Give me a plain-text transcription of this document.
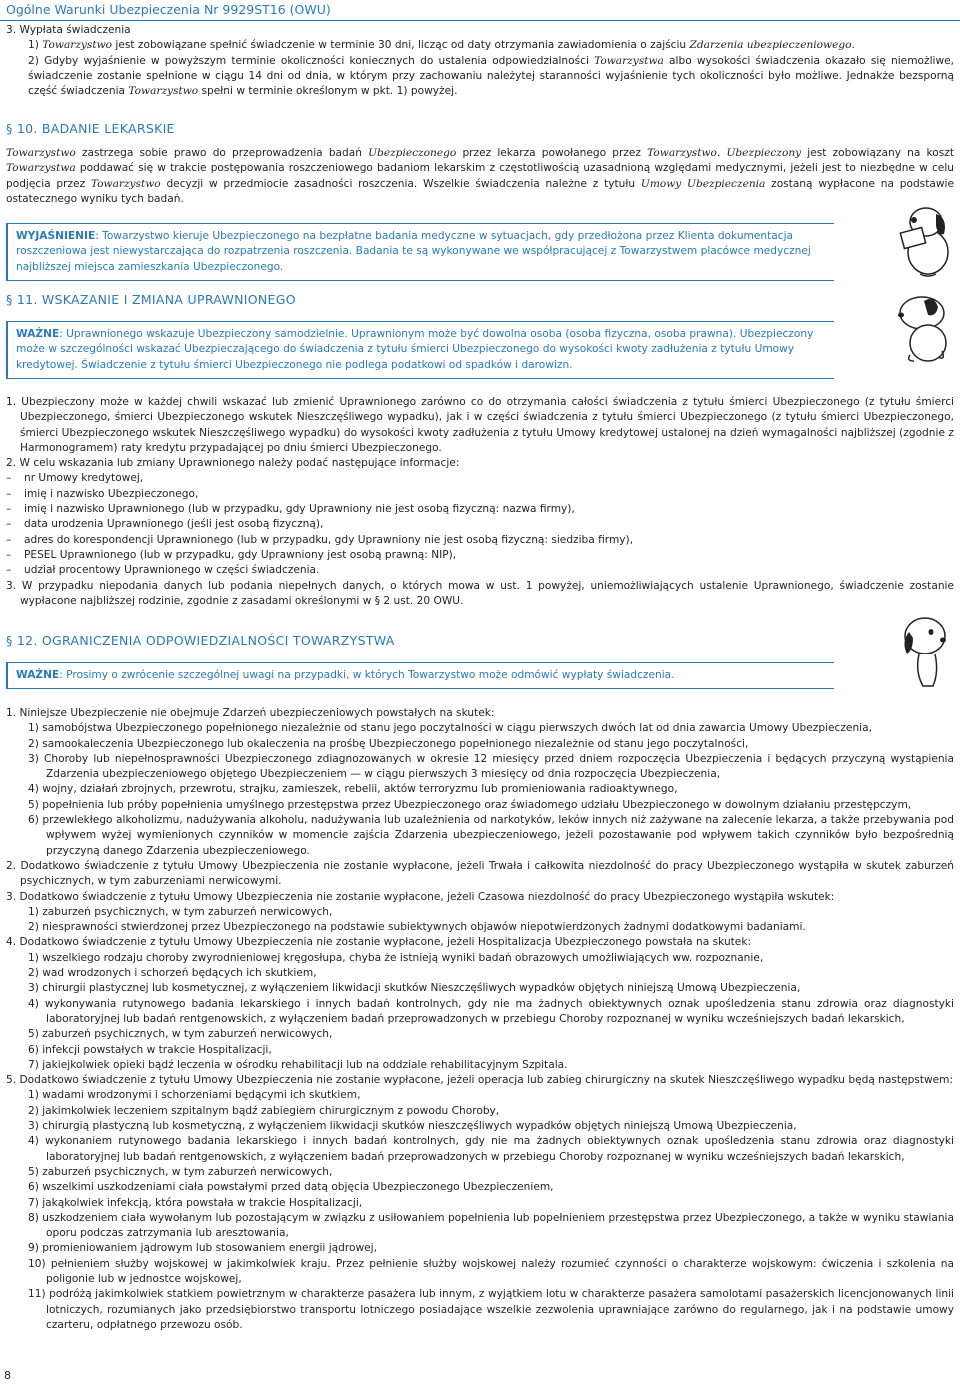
Ogólne Warunki Ubezpieczenia Nr 9929ST16 (OWU)
3. Wypłata świadczenia
1) Towarzystwo jest zobowiązane spełnić świadczenie w terminie 30 dni, licząc od daty otrzymania zawiadomienia o zajściu Zdarzenia ubezpieczeniowego.
2) Gdyby wyjaśnienie w powyższym terminie okoliczności koniecznych do ustalenia odpowiedzialności Towarzystwa albo wysokości świadczenia okazało się niemożliwe, świadczenie zostanie spełnione w ciągu 14 dni od dnia, w którym przy zachowaniu należytej staranności wyjaśnienie tych okoliczności było możliwe. Jednakże bezsporną część świadczenia Towarzystwo spełni w terminie określonym w pkt. 1) powyżej.
§ 10. BADANIE LEKARSKIE
Towarzystwo zastrzega sobie prawo do przeprowadzenia badań Ubezpieczonego przez lekarza powołanego przez Towarzystwo. Ubezpieczony jest zobowiązany na koszt Towarzystwa poddawać się w trakcie postępowania roszczeniowego badaniom lekarskim z częstotliwością uzasadnioną względami medycznymi, jeżeli jest to niezbędne w celu podjęcia przez Towarzystwo decyzji w przedmiocie zasadności roszczenia. Wszelkie świadczenia należne z tytułu Umowy Ubezpieczenia zostaną wypłacone na podstawie ostatecznego wyniku tych badań.
WYJAŚNIENIE: Towarzystwo kieruje Ubezpieczonego na bezpłatne badania medyczne w sytuacjach, gdy przedłożona przez Klienta dokumentacja roszczeniowa jest niewystarczająca do rozpatrzenia roszczenia. Badania te są wykonywane we współpracującej z Towarzystwem placówce medycznej najbliższej miejsca zamieszkania Ubezpieczonego.
§ 11. WSKAZANIE I ZMIANA UPRAWNIONEGO
WAŻNE: Uprawnionego wskazuje Ubezpieczony samodzielnie. Uprawnionym może być dowolna osoba (osoba fizyczna, osoba prawna). Ubezpieczony może w szczególności wskazać Ubezpieczającego do świadczenia z tytułu śmierci Ubezpieczonego do wysokości kwoty zadłużenia z tytułu Umowy kredytowej. Świadczenie z tytułu śmierci Ubezpieczonego nie podlega podatkowi od spadków i darowizn.
1. Ubezpieczony może w każdej chwili wskazać lub zmienić Uprawnionego zarówno co do otrzymania całości świadczenia z tytułu śmierci Ubezpieczonego (z tytułu śmierci Ubezpieczonego, śmierci Ubezpieczonego wskutek Nieszczęśliwego wypadku), jak i w części świadczenia z tytułu śmierci Ubezpieczonego (z tytułu śmierci Ubezpieczonego, śmierci Ubezpieczonego wskutek Nieszczęśliwego wypadku) do wysokości kwoty zadłużenia z tytułu Umowy kredytowej ustalonej na dzień wymagalności najbliższej (zgodnie z Harmonogramem) raty kredytu przypadającej po dniu śmierci Ubezpieczonego.
2. W celu wskazania lub zmiany Uprawnionego należy podać następujące informacje:
– nr Umowy kredytowej,
– imię i nazwisko Ubezpieczonego,
– imię i nazwisko Uprawnionego (lub w przypadku, gdy Uprawniony nie jest osobą fizyczną: nazwa firmy),
– data urodzenia Uprawnionego (jeśli jest osobą fizyczną),
– adres do korespondencji Uprawnionego (lub w przypadku, gdy Uprawniony nie jest osobą fizyczną: siedziba firmy),
– PESEL Uprawnionego (lub w przypadku, gdy Uprawniony jest osobą prawną: NIP),
– udział procentowy Uprawnionego w części świadczenia.
3. W przypadku niepodania danych lub podania niepełnych danych, o których mowa w ust. 1 powyżej, uniemożliwiających ustalenie Uprawnionego, świadczenie zostanie wypłacone najbliższej rodzinie, zgodnie z zasadami określonymi w § 2 ust. 20 OWU.
§ 12. OGRANICZENIA ODPOWIEDZIALNOŚCI TOWARZYSTWA
WAŻNE: Prosimy o zwrócenie szczególnej uwagi na przypadki, w których Towarzystwo może odmówić wypłaty świadczenia.
1. Niniejsze Ubezpieczenie nie obejmuje Zdarzeń ubezpieczeniowych powstałych na skutek:
1) samobójstwa Ubezpieczonego popełnionego niezależnie od stanu jego poczytalności w ciągu pierwszych dwóch lat od dnia zawarcia Umowy Ubezpieczenia,
2) samookaleczenia Ubezpieczonego lub okaleczenia na prośbę Ubezpieczonego popełnionego niezależnie od stanu jego poczytalności,
3) Choroby lub niepełnosprawności Ubezpieczonego zdiagnozowanych w okresie 12 miesięcy przed dniem rozpoczęcia Ubezpieczenia i będących przyczyną wystąpienia Zdarzenia ubezpieczeniowego objętego Ubezpieczeniem — w ciągu pierwszych 3 miesięcy od dnia rozpoczęcia Ubezpieczenia,
4) wojny, działań zbrojnych, przewrotu, strajku, zamieszek, rebelii, aktów terroryzmu lub promieniowania radioaktywnego,
5) popełnienia lub próby popełnienia umyślnego przestępstwa przez Ubezpieczonego oraz świadomego udziału Ubezpieczonego w dowolnym działaniu przestępczym,
6) przewlekłego alkoholizmu, nadużywania alkoholu, nadużywania lub uzależnienia od narkotyków, leków innych niż zażywane na zalecenie lekarza, a także przebywania pod wpływem wyżej wymienionych czynników w momencie zajścia Zdarzenia ubezpieczeniowego, jeżeli pozostawanie pod wpływem takich czynników było bezpośrednią przyczyną danego Zdarzenia ubezpieczeniowego.
2. Dodatkowo świadczenie z tytułu Umowy Ubezpieczenia nie zostanie wypłacone, jeżeli Trwała i całkowita niezdolność do pracy Ubezpieczonego wystąpiła w skutek zaburzeń psychicznych, w tym zaburzeniami nerwicowymi.
3. Dodatkowo świadczenie z tytułu Umowy Ubezpieczenia nie zostanie wypłacone, jeżeli Czasowa niezdolność do pracy Ubezpieczonego wystąpiła wskutek:
1) zaburzeń psychicznych, w tym zaburzeń nerwicowych,
2) niesprawności stwierdzonej przez Ubezpieczonego na podstawie subiektywnych objawów niepotwierdzonych żadnymi dodatkowymi badaniami.
4. Dodatkowo świadczenie z tytułu Umowy Ubezpieczenia nie zostanie wypłacone, jeżeli Hospitalizacja Ubezpieczonego powstała na skutek:
1) wszelkiego rodzaju choroby zwyrodnieniowej kręgosłupa, chyba że istnieją wyniki badań obrazowych umożliwiających ww. rozpoznanie,
2) wad wrodzonych i schorzeń będących ich skutkiem,
3) chirurgii plastycznej lub kosmetycznej, z wyłączeniem likwidacji skutków Nieszczęśliwych wypadków objętych niniejszą Umową Ubezpieczenia,
4) wykonywania rutynowego badania lekarskiego i innych badań kontrolnych, gdy nie ma żadnych obiektywnych oznak upośledzenia stanu zdrowia oraz diagnostyki laboratoryjnej lub badań rentgenowskich, z wyłączeniem badań przeprowadzonych w przebiegu Choroby rozpoznanej w wyniku wcześniejszych badań lekarskich,
5) zaburzeń psychicznych, w tym zaburzeń nerwicowych,
6) infekcji powstałych w trakcie Hospitalizacji,
7) jakiejkolwiek opieki bądź leczenia w ośrodku rehabilitacji lub na oddziale rehabilitacyjnym Szpitala.
5. Dodatkowo świadczenie z tytułu Umowy Ubezpieczenia nie zostanie wypłacone, jeżeli operacja lub zabieg chirurgiczny na skutek Nieszczęśliwego wypadku będą następstwem:
1) wadami wrodzonymi i schorzeniami będącymi ich skutkiem,
2) jakimkolwiek leczeniem szpitalnym bądź zabiegiem chirurgicznym z powodu Choroby,
3) chirurgią plastyczną lub kosmetyczną, z wyłączeniem likwidacji skutków nieszczęśliwych wypadków objętych niniejszą Umową Ubezpieczenia,
4) wykonaniem rutynowego badania lekarskiego i innych badań kontrolnych, gdy nie ma żadnych obiektywnych oznak upośledzenia stanu zdrowia oraz diagnostyki laboratoryjnej lub badań rentgenowskich, z wyłączeniem badań przeprowadzonych w przebiegu Choroby rozpoznanej w wyniku wcześniejszych badań lekarskich,
5) zaburzeń psychicznych, w tym zaburzeń nerwicowych,
6) wszelkimi uszkodzeniami ciała powstałymi przed datą objęcia Ubezpieczonego Ubezpieczeniem,
7) jakąkolwiek infekcją, która powstała w trakcie Hospitalizacji,
8) uszkodzeniem ciała wywołanym lub pozostającym w związku z usiłowaniem popełnienia lub popełnieniem przestępstwa przez Ubezpieczonego, a także w wyniku stawiania oporu podczas zatrzymania lub aresztowania,
9) promieniowaniem jądrowym lub stosowaniem energii jądrowej,
10) pełnieniem służby wojskowej w jakimkolwiek kraju. Przez pełnienie służby wojskowej należy rozumieć czynności o charakterze wojskowym: ćwiczenia i szkolenia na poligonie lub w jednostce wojskowej,
11) podróżą jakimkolwiek statkiem powietrznym w charakterze pasażera lub innym, z wyjątkiem lotu w charakterze pasażera samolotami pasażerskich licencjonowanych linii lotniczych, rozumianych jako przedsiębiorstwo transportu lotniczego posiadające wszelkie zezwolenia uprawniające zarówno do regularnego, jak i na podstawie umowy czarteru, odpłatnego przewozu osób.
8
